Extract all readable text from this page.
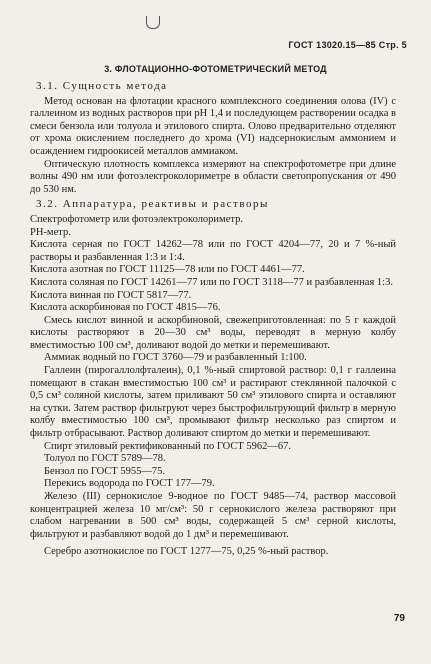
ГОСТ 13020.15—85 Стр. 5
3. ФЛОТАЦИОННО-ФОТОМЕТРИЧЕСКИЙ МЕТОД
3.1. Сущность метода

Метод основан на флотации красного комплексного соединения олова (IV) с галлеином из водных растворов при pH 1,4 и последующем растворении осадка в смеси бензола или толуола и этилового спирта. Олово предварительно отделяют от хрома окислением последнего до хрома (VI) надсернокислым аммонием и осаждением гидроокисей металлов аммиаком.

Оптическую плотность комплекса измеряют на спектрофотометре при длине волны 490 нм или фотоэлектроколориметре в области светопропускания от 490 до 530 нм.

3.2. Аппаратура, реактивы и растворы

Спектрофотометр или фотоэлектроколориметр.

PH-метр.

Кислота серная по ГОСТ 14262—78 или по ГОСТ 4204—77, 20 и 7 %-ный растворы и разбавленная 1:3 и 1:4.

Кислота азотная по ГОСТ 11125—78 или по ГОСТ 4461—77.

Кислота соляная по ГОСТ 14261—77 или по ГОСТ 3118—77 и разбавленная 1:3.

Кислота винная по ГОСТ 5817—77.

Кислота аскорбиновая по ГОСТ 4815—76.

Смесь кислот винной и аскорбиновой, свежеприготовленная: по 5 г каждой кислоты растворяют в 20—30 см³ воды, переводят в мерную колбу вместимостью 100 см³, доливают водой до метки и перемешивают.

Аммиак водный по ГОСТ 3760—79 и разбавленный 1:100.

Галлеин (пирогаллолфталеин), 0,1 %-ный спиртовой раствор: 0,1 г галлеина помещают в стакан вместимостью 100 см³ и растирают стеклянной палочкой с 0,5 см³ соляной кислоты, затем приливают 50 см³ этилового спирта и оставляют на сутки. Затем раствор фильтруют через быстрофильтрующий фильтр в мерную колбу вместимостью 100 см³, промывают фильтр несколько раз спиртом и фильтр отбрасывают. Раствор доливают спиртом до метки и перемешивают.

Спирт этиловый ректификованный по ГОСТ 5962—67.

Толуол по ГОСТ 5789—78.

Бензол по ГОСТ 5955—75.

Перекись водорода по ГОСТ 177—79.

Железо (III) сернокислое 9-водное по ГОСТ 9485—74, раствор массовой концентрацией железа 10 мг/см³: 50 г сернокислого железа растворяют при слабом нагревании в 500 см³ воды, содержащей 5 см³ серной кислоты, фильтруют и разбавляют водой до 1 дм³ и перемешивают.

Серебро азотнокислое по ГОСТ 1277—75, 0,25 %-ный раствор.

79
